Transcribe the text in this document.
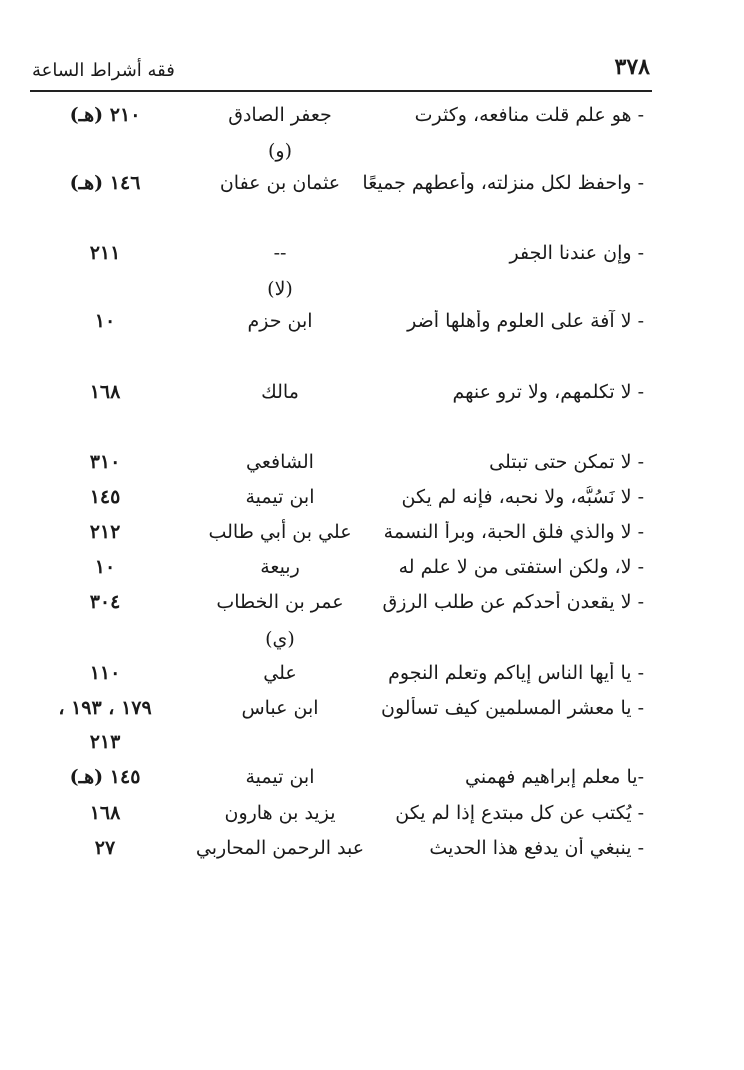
٣٧٨
فقه أشراط الساعة
- هو علم قلت منافعه، وكثرت
جعفر الصادق
٢١٠ (هـ)
(و)
- واحفظ لكل منزلته، وأعطهم جميعًا
عثمان بن عفان
١٤٦ (هـ)
- وإن عندنا الجفر
--
٢١١
(لا)
- لا آفة على العلوم وأهلها أضر
ابن حزم
١٠
- لا تكلمهم، ولا ترو عنهم
مالك
١٦٨
- لا تمكن حتى تبتلى
الشافعي
٣١٠
- لا نَسُبُّه، ولا نحبه، فإنه لم يكن
ابن تيمية
١٤٥
- لا والذي فلق الحبة، وبرأ النسمة
علي بن أبي طالب
٢١٢
- لا، ولكن استفتى من لا علم له
ربيعة
١٠
- لا يقعدن أحدكم عن طلب الرزق
عمر بن الخطاب
٣٠٤
(ي)
- يا أيها الناس إياكم وتعلم النجوم
علي
١١٠
- يا معشر المسلمين كيف تسألون
ابن عباس
١٧٩ ، ١٩٣ ،
٢١٣
-يا معلم إبراهيم فهمني
ابن تيمية
١٤٥ (هـ)
- يُكتب عن كل مبتدع إذا لم يكن
يزيد بن هارون
١٦٨
- ينبغي أن يدفع هذا الحديث
عبد الرحمن المحاربي
٢٧
